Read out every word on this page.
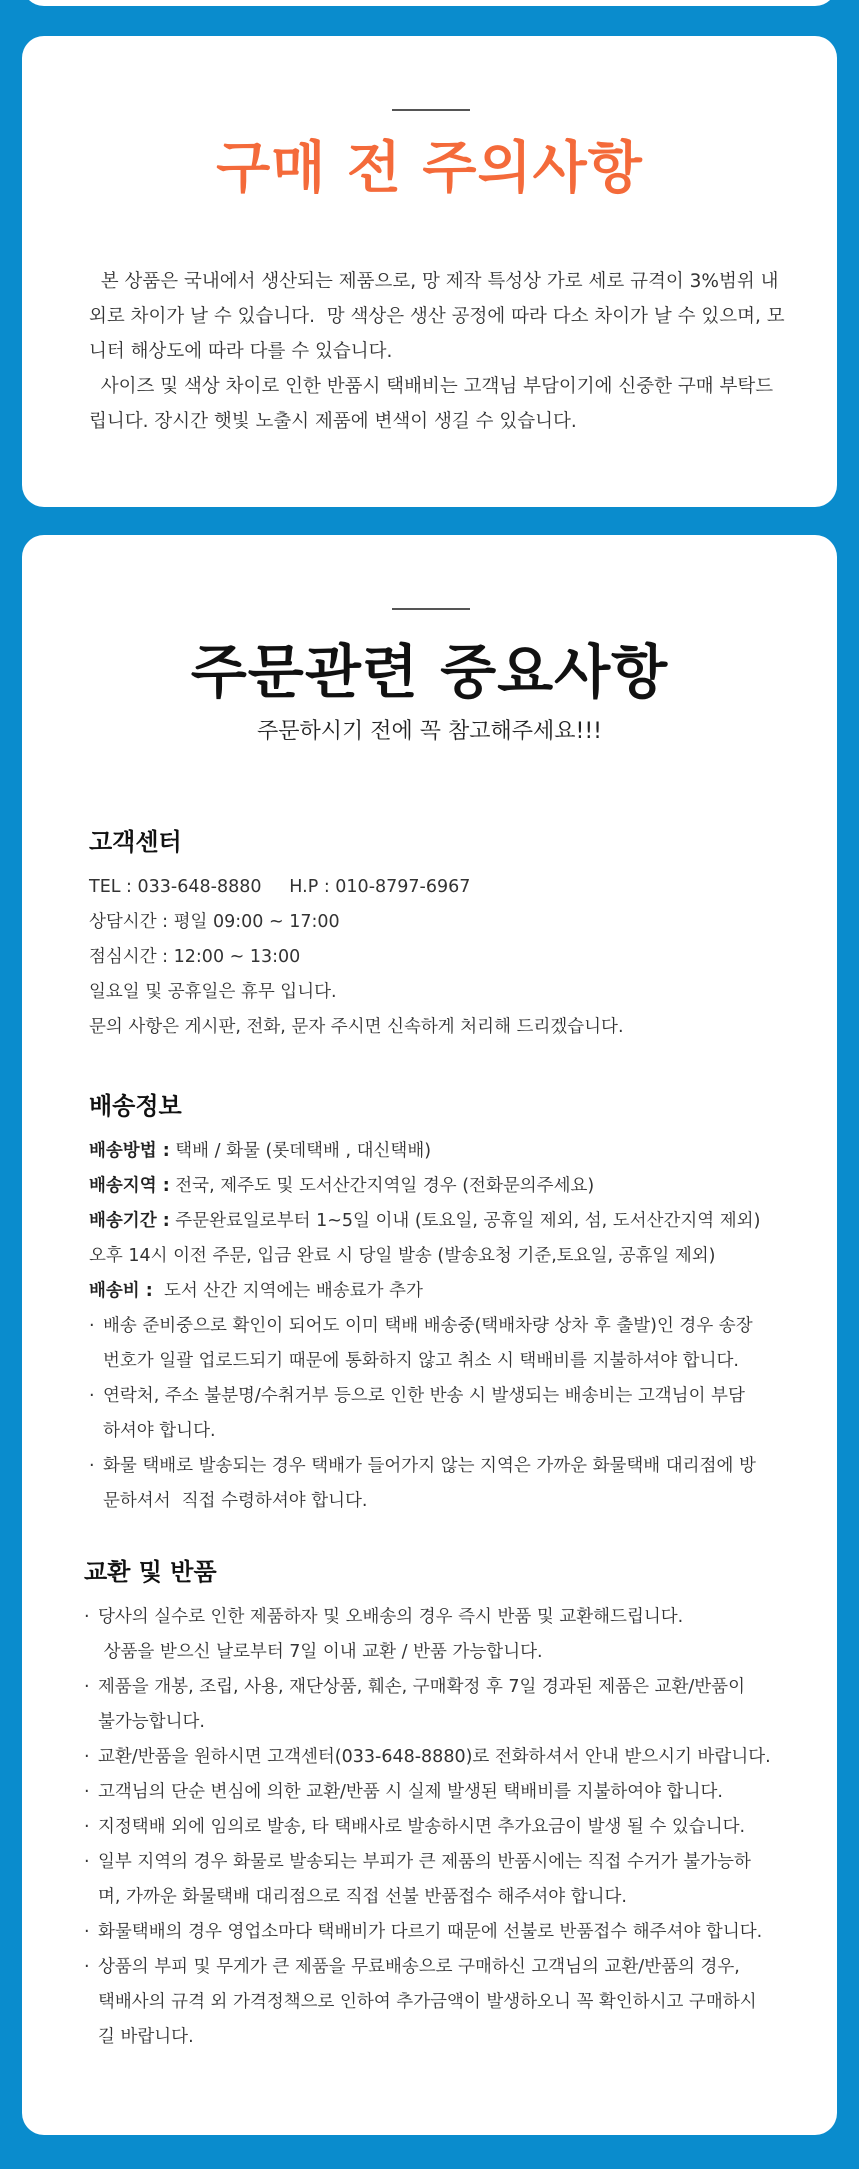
구매 전 주의사항

본 상품은 국내에서 생산되는 제품으로, 망 제작 특성상 가로 세로 규격이 3%범위 내외로 차이가 날 수 있습니다.  망 색상은 생산 공정에 따라 다소 차이가 날 수 있으며, 모니터 해상도에 따라 다를 수 있습니다.

사이즈 및 색상 차이로 인한 반품시 택배비는 고객님 부담이기에 신중한 구매 부탁드립니다. 장시간 햇빛 노출시 제품에 변색이 생길 수 있습니다.

주문관련 중요사항
주문하시기 전에 꼭 참고해주세요!!!
고객센터
TEL : 033-648-8880     H.P : 010-8797-6967
상담시간 : 평일 09:00 ~ 17:00
점심시간 : 12:00 ~ 13:00
일요일 및 공휴일은 휴무 입니다.
문의 사항은 게시판, 전화, 문자 주시면 신속하게 처리해 드리겠습니다.
배송정보
배송방법 : 택배 / 화물 (롯데택배 , 대신택배)
배송지역 : 전국, 제주도 및 도서산간지역일 경우 (전화문의주세요)
배송기간 : 주문완료일로부터 1~5일 이내 (토요일, 공휴일 제외, 섬, 도서산간지역 제외)
오후 14시 이전 주문, 입금 완료 시 당일 발송 (발송요청 기준,토요일, 공휴일 제외)
배송비 :  도서 산간 지역에는 배송료가 추가
· 배송 준비중으로 확인이 되어도 이미 택배 배송중(택배차량 상차 후 출발)인 경우 송장
번호가 일괄 업로드되기 때문에 통화하지 않고 취소 시 택배비를 지불하셔야 합니다.
· 연락처, 주소 불분명/수취거부 등으로 인한 반송 시 발생되는 배송비는 고객님이 부담
하셔야 합니다.
· 화물 택배로 발송되는 경우 택배가 들어가지 않는 지역은 가까운 화물택배 대리점에 방
문하셔서  직접 수령하셔야 합니다.
교환 및 반품
· 당사의 실수로 인한 제품하자 및 오배송의 경우 즉시 반품 및 교환해드립니다.
상품을 받으신 날로부터 7일 이내 교환 / 반품 가능합니다.
· 제품을 개봉, 조립, 사용, 재단상품, 훼손, 구매확정 후 7일 경과된 제품은 교환/반품이
불가능합니다.
· 교환/반품을 원하시면 고객센터(033-648-8880)로 전화하셔서 안내 받으시기 바랍니다.
· 고객님의 단순 변심에 의한 교환/반품 시 실제 발생된 택배비를 지불하여야 합니다.
· 지정택배 외에 임의로 발송, 타 택배사로 발송하시면 추가요금이 발생 될 수 있습니다.
· 일부 지역의 경우 화물로 발송되는 부피가 큰 제품의 반품시에는 직접 수거가 불가능하
며, 가까운 화물택배 대리점으로 직접 선불 반품접수 해주셔야 합니다.
· 화물택배의 경우 영업소마다 택배비가 다르기 때문에 선불로 반품접수 해주셔야 합니다.
· 상품의 부피 및 무게가 큰 제품을 무료배송으로 구매하신 고객님의 교환/반품의 경우,
택배사의 규격 외 가격정책으로 인하여 추가금액이 발생하오니 꼭 확인하시고 구매하시
길 바랍니다.
